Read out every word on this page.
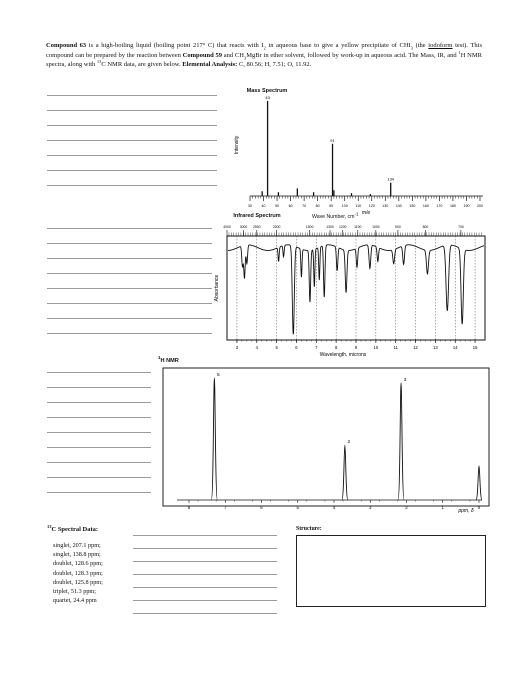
Compound 63 is a high-boiling liquid (boiling point 217° C) that reacts with $I_2$ in aqueous base to give a yellow precipitate of $CHI_3$ (the iodoform test). This compound can be prepared by the reaction between Compound 59 and $CH_3MgBr$ in ether solvent, followed by work-up in aqueous acid. The Mass, IR, and $^1$H NMR spectra, along with $^{13}$C NMR data, are given below. Elemental Analysis: C, 80.56; H, 7.51; O, 11.92.
Mass Spectrum
Intensity
43
91
134
30	40	50	60	70	80	90 100 110 120 130 140 150 160 170 180 190 200
m/e
Infrared Spectrum	Wave Number, cm-1
4000	3000 2500	2000	1500	1300 1200 1100	1000	900	800	700
Absorbance
3	4	5	6	7	8	9	10	11	12	13	14	15
Wavelength, microns
$^1$H NMR
5
2
3
8	7	6	5	4	3	2	1	0
ppm, δ
$^{13}$C Spectral Data:
singlet, 207.1 ppm;
singlet, 138.8 ppm;
doublet, 128.6 ppm;
doublet, 128.3 ppm;
doublet, 125.8 ppm;
triplet, 51.3 ppm;
quartet, 24.4 ppm
Structure:
